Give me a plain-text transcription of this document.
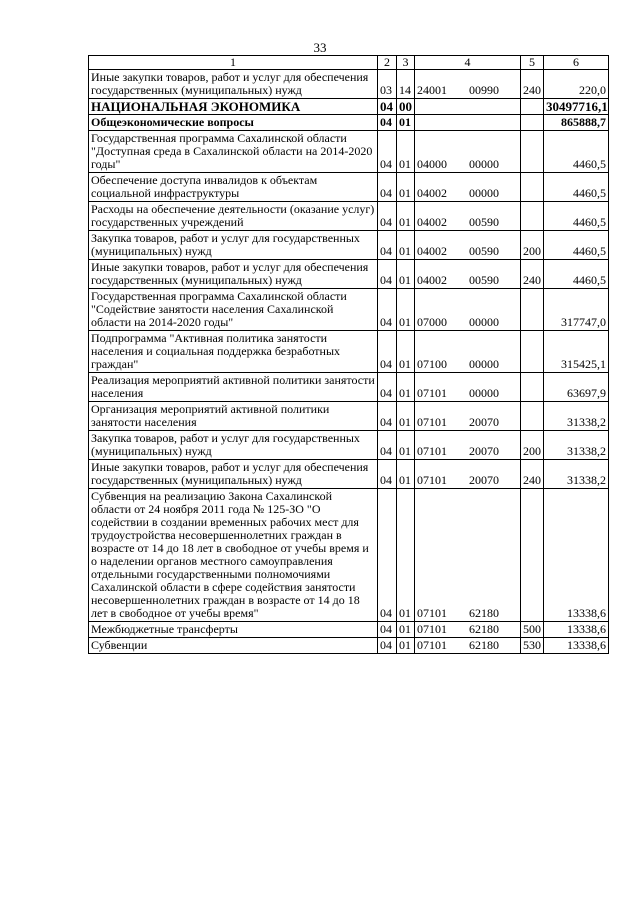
33
1	2	3	4	5	6
Иные закупки товаров, работ и услуг для обеспечения государственных (муниципальных) нужд	03	14	24001 00990	240	220,0
НАЦИОНАЛЬНАЯ ЭКОНОМИКА	04	00			30497716,1
Общеэкономические вопросы	04	01			865888,7
Государственная программа Сахалинской области "Доступная среда в Сахалинской области на 2014-2020 годы"	04	01	04000 00000		4460,5
Обеспечение доступа инвалидов к объектам социальной инфраструктуры	04	01	04002 00000		4460,5
Расходы на обеспечение деятельности (оказание услуг) государственных учреждений	04	01	04002 00590		4460,5
Закупка товаров, работ и услуг для государственных (муниципальных) нужд	04	01	04002 00590	200	4460,5
Иные закупки товаров, работ и услуг для обеспечения государственных (муниципальных) нужд	04	01	04002 00590	240	4460,5
Государственная программа Сахалинской области "Содействие занятости населения Сахалинской области на 2014-2020 годы"	04	01	07000 00000		317747,0
Подпрограмма "Активная политика занятости населения и социальная поддержка безработных граждан"	04	01	07100 00000		315425,1
Реализация мероприятий активной политики занятости населения	04	01	07101 00000		63697,9
Организация мероприятий активной политики занятости населения	04	01	07101 20070		31338,2
Закупка товаров, работ и услуг для государственных (муниципальных) нужд	04	01	07101 20070	200	31338,2
Иные закупки товаров, работ и услуг для обеспечения государственных (муниципальных) нужд	04	01	07101 20070	240	31338,2
Субвенция на реализацию Закона Сахалинской области от 24 ноября 2011 года № 125-ЗО "О содействии в создании временных рабочих мест для трудоустройства несовершеннолетних граждан в возрасте от 14 до 18 лет в свободное от учебы время и о наделении органов местного самоуправления отдельными государственными полномочиями Сахалинской области в сфере содействия занятости несовершеннолетних граждан в возрасте от 14 до 18 лет в свободное от учебы время"	04	01	07101 62180		13338,6
Межбюджетные трансферты	04	01	07101 62180	500	13338,6
Субвенции	04	01	07101 62180	530	13338,6
